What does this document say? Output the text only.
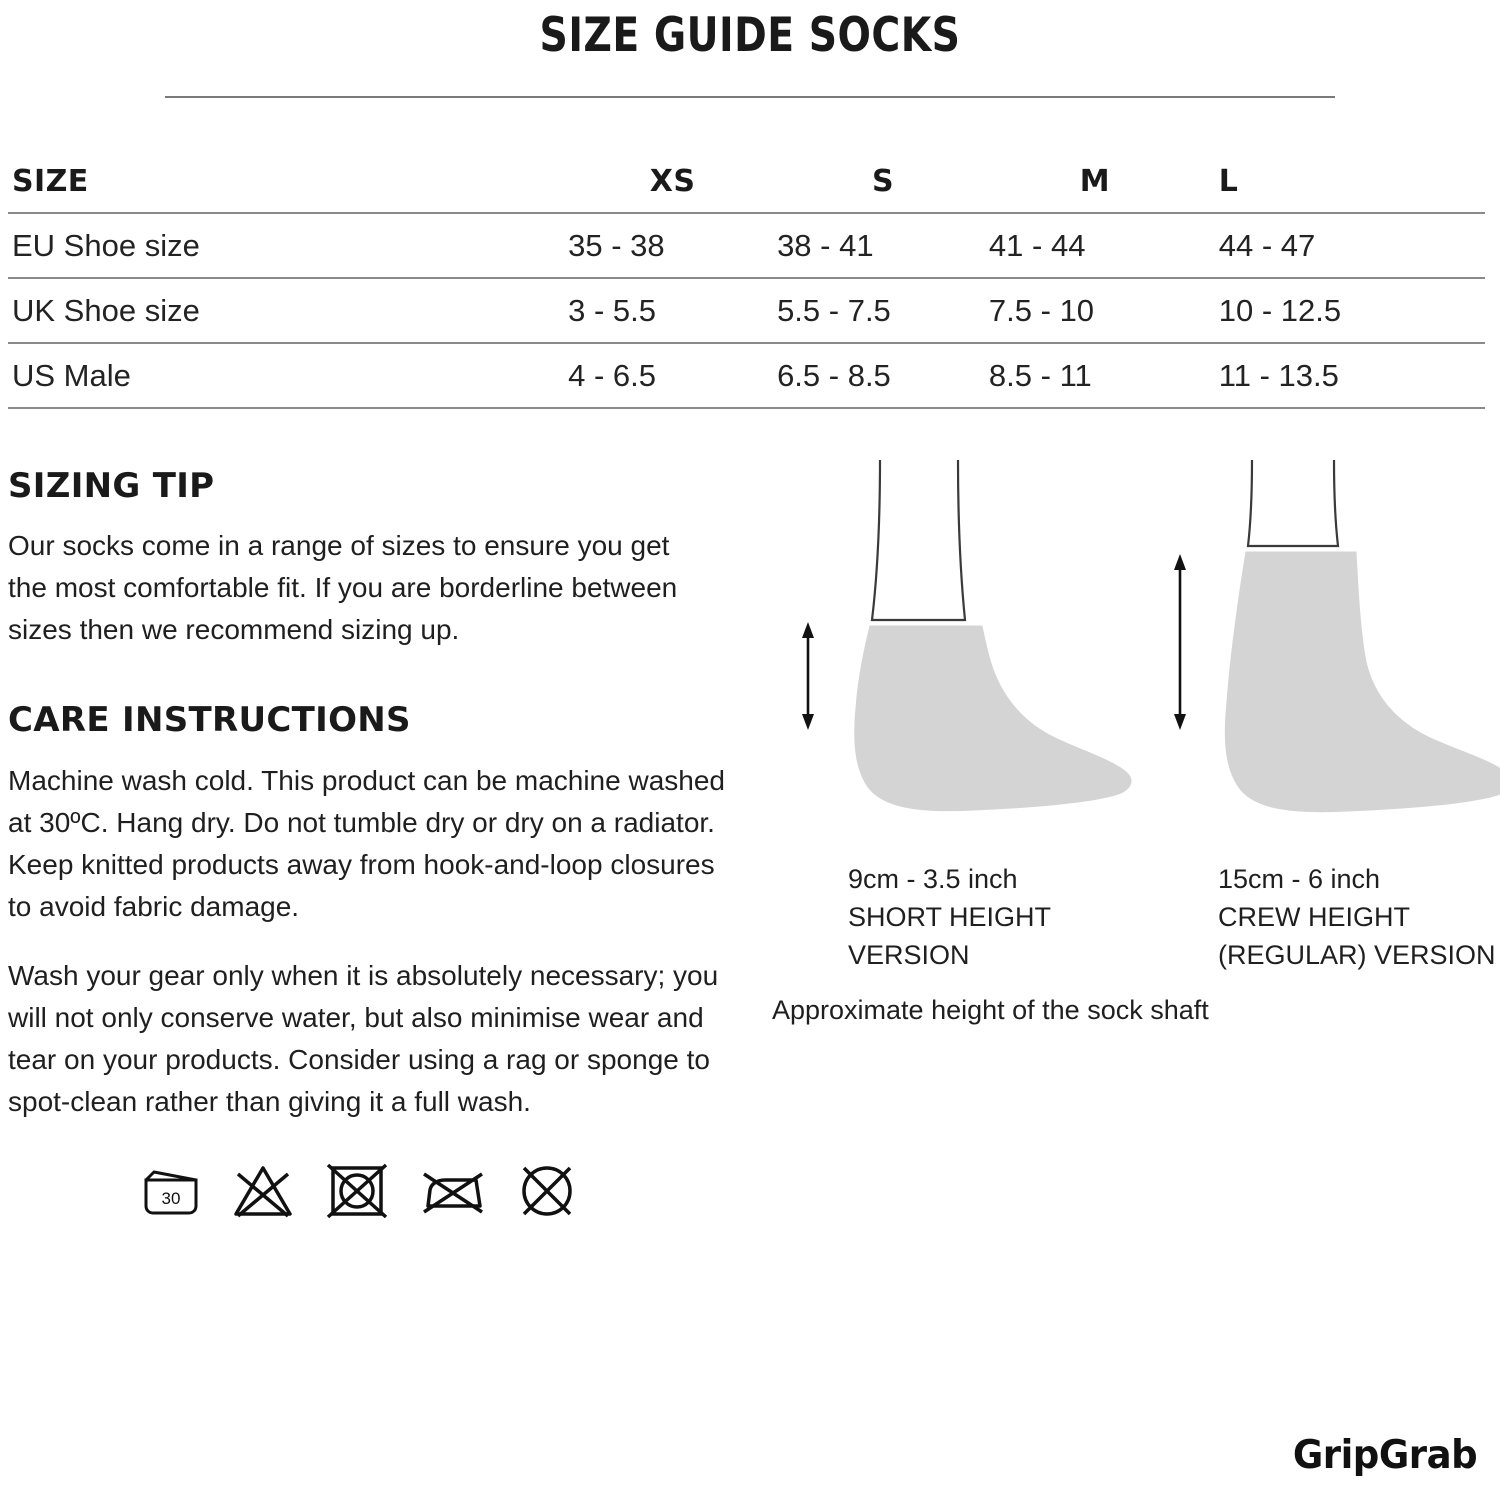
SIZE GUIDE SOCKS
SIZE	XS	S	M	L
EU Shoe size	35 - 38	38 - 41	41 - 44	44 - 47
UK Shoe size	3 - 5.5	5.5 - 7.5	7.5 - 10	10 - 12.5
US Male	4 - 6.5	6.5 - 8.5	8.5 - 11	11 - 13.5
SIZING TIP
Our socks come in a range of sizes to ensure you get the most comfortable fit. If you are borderline between sizes then we recommend sizing up.
CARE INSTRUCTIONS
Machine wash cold. This product can be machine washed at 30ºC. Hang dry. Do not tumble dry or dry on a radiator. Keep knitted products away from hook-and-loop closures to avoid fabric damage.
Wash your gear only when it is absolutely necessary; you will not only conserve water, but also minimise wear and tear on your products. Consider using a rag or sponge to spot-clean rather than giving it a full wash.
30
9cm - 3.5 inch
SHORT HEIGHT
VERSION
15cm - 6 inch
CREW HEIGHT
(REGULAR) VERSION
Approximate height of the sock shaft
GripGrab
